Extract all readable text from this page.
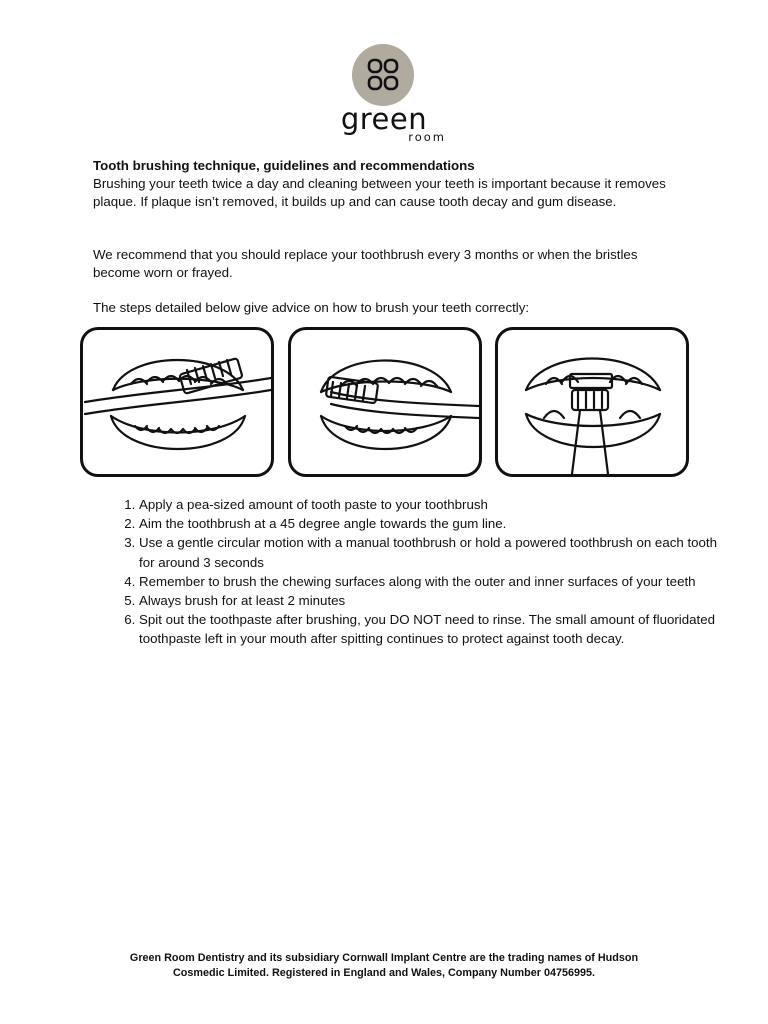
green
room
Tooth brushing technique, guidelines and recommendations
Brushing your teeth twice a day and cleaning between your teeth is important because it removes plaque. If plaque isn’t removed, it builds up and can cause tooth decay and gum disease.
We recommend that you should replace your toothbrush every 3 months or when the bristles become worn or frayed.
The steps detailed below give advice on how to brush your teeth correctly:
1. Apply a pea-sized amount of tooth paste to your toothbrush
2. Aim the toothbrush at a 45 degree angle towards the gum line.
3. Use a gentle circular motion with a manual toothbrush or hold a powered toothbrush on each tooth for around 3 seconds
4. Remember to brush the chewing surfaces along with the outer and inner surfaces of your teeth
5. Always brush for at least 2 minutes
6. Spit out the toothpaste after brushing, you DO NOT need to rinse. The small amount of fluoridated toothpaste left in your mouth after spitting continues to protect against tooth decay.
Green Room Dentistry and its subsidiary Cornwall Implant Centre are the trading names of Hudson
Cosmedic Limited. Registered in England and Wales, Company Number 04756995.
